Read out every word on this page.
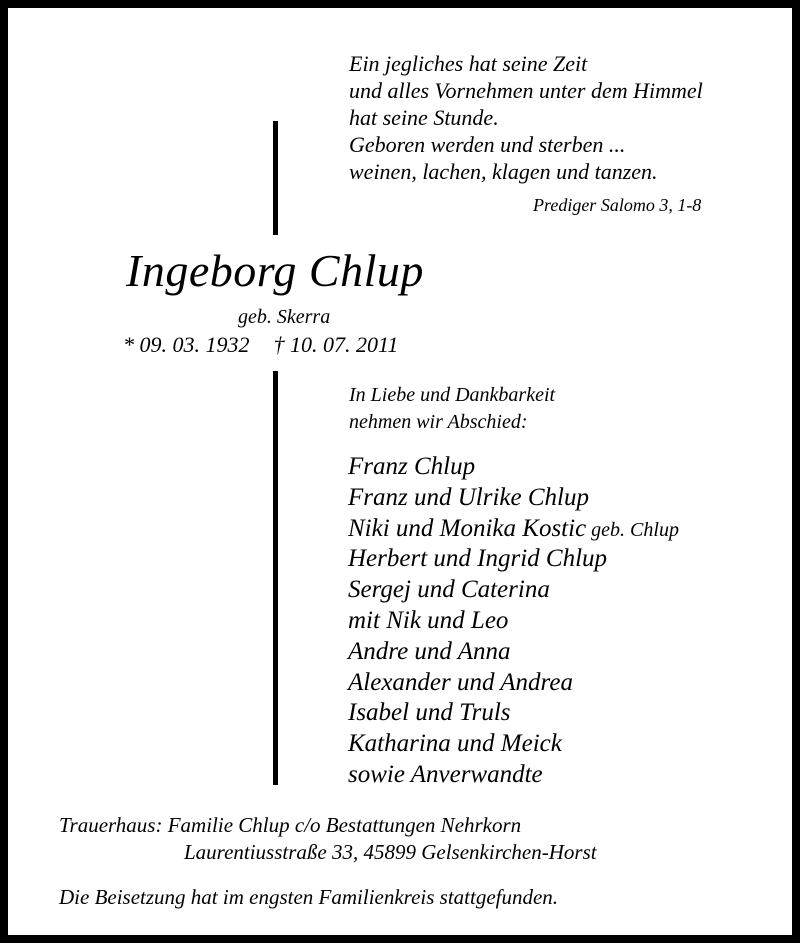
Ein jegliches hat seine Zeit
und alles Vornehmen unter dem Himmel
hat seine Stunde.
Geboren werden und sterben ...
weinen, lachen, klagen und tanzen.
Prediger Salomo 3, 1-8
Ingeborg Chlup
geb. Skerra
* 09. 03. 1932 † 10. 07. 2011
In Liebe und Dankbarkeit
nehmen wir Abschied:
Franz Chlup
Franz und Ulrike Chlup
Niki und Monika Kostic geb. Chlup
Herbert und Ingrid Chlup
Sergej und Caterina
mit Nik und Leo
Andre und Anna
Alexander und Andrea
Isabel und Truls
Katharina und Meick
sowie Anverwandte
Trauerhaus: Familie Chlup c/o Bestattungen Nehrkorn
Laurentiusstraße 33, 45899 Gelsenkirchen-Horst
Die Beisetzung hat im engsten Familienkreis stattgefunden.
